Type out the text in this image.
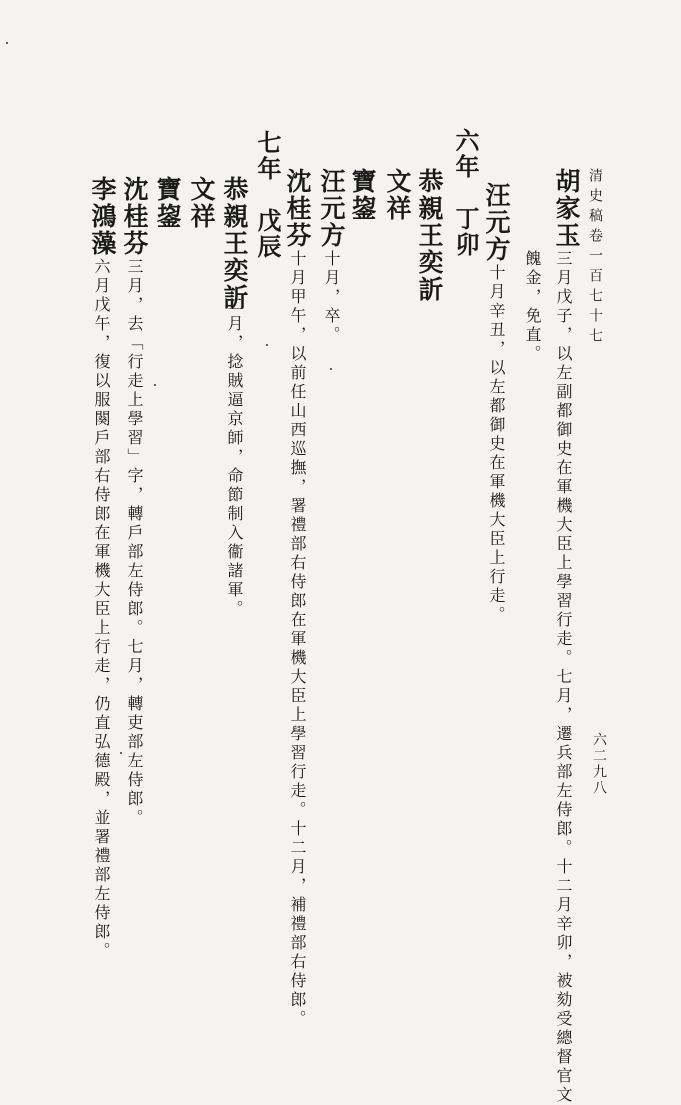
清史稿卷一百七十七
六二九八
胡家玉
三月戊子，以左副都御史在軍機大臣上學習行走。七月，遷兵部左侍郎。十二月辛卯，被劾受總督官文
餽金，免直。
汪元方
十月辛丑，以左都御史在軍機大臣上行走。
六年　丁卯
恭親王奕訢
文祥
寶鋆
汪元方
十月，卒。
沈桂芬
十月甲午，以前任山西巡撫，署禮部右侍郎在軍機大臣上學習行走。十二月，補禮部右侍郎。
七年　戊辰
恭親王奕訢
二月，捻賊逼京師，命節制入衞諸軍。
文祥
寶鋆
沈桂芬
三月，去「行走上學習」字，轉戶部左侍郎。七月，轉吏部左侍郎。
李鴻藻
六月戊午，復以服闋戶部右侍郎在軍機大臣上行走，仍直弘德殿，並署禮部左侍郎。
